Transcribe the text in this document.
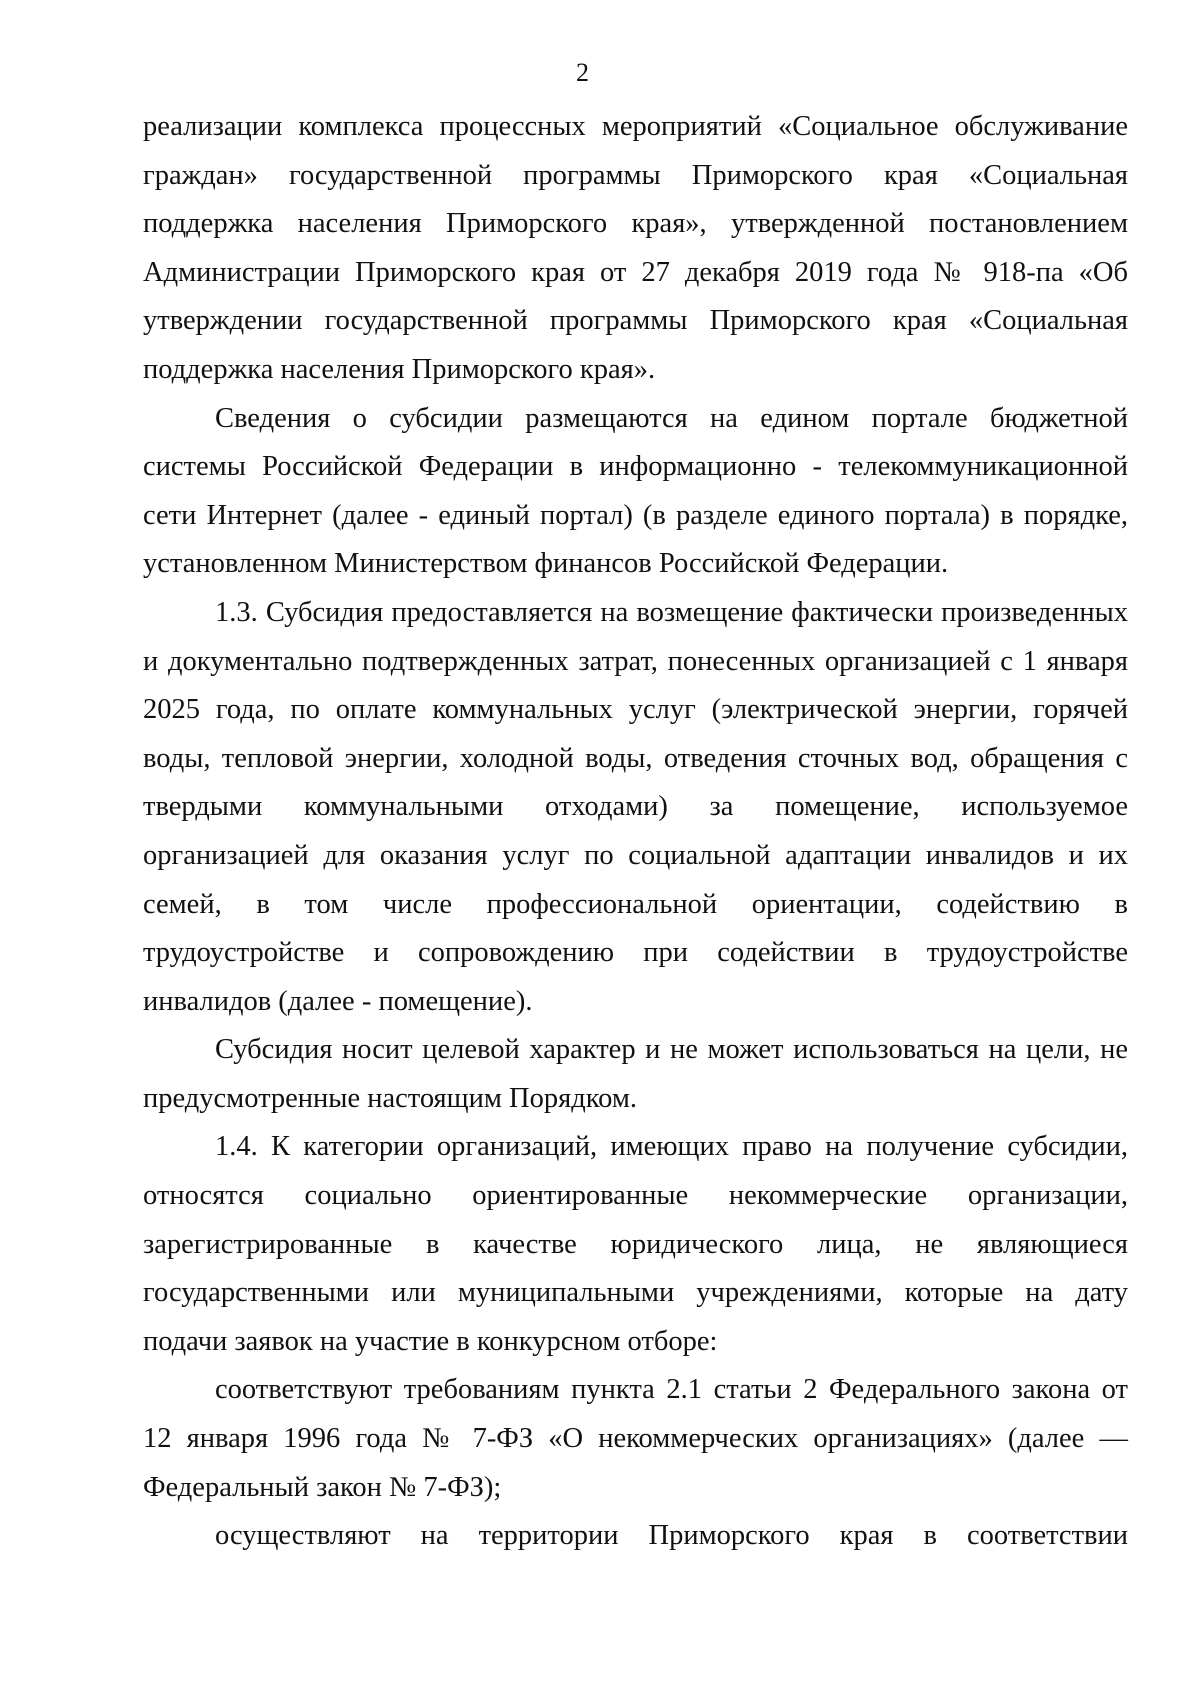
2

реализации комплекса процессных мероприятий «Социальное обслуживание граждан» государственной программы Приморского края «Социальная поддержка населения Приморского края», утвержденной постановлением Администрации Приморского края от 27 декабря 2019 года № 918-па «Об утверждении государственной программы Приморского края «Социальная поддержка населения Приморского края».

Сведения о субсидии размещаются на едином портале бюджетной системы Российской Федерации в информационно - телекоммуникационной сети Интернет (далее - единый портал) (в разделе единого портала) в порядке, установленном Министерством финансов Российской Федерации.

1.3. Субсидия предоставляется на возмещение фактически произведенных и документально подтвержденных затрат, понесенных организацией с 1 января 2025 года, по оплате коммунальных услуг (электрической энергии, горячей воды, тепловой энергии, холодной воды, отведения сточных вод, обращения с твердыми коммунальными отходами) за помещение, используемое организацией для оказания услуг по социальной адаптации инвалидов и их семей, в том числе профессиональной ориентации, содействию в трудоустройстве и сопровождению при содействии в трудоустройстве инвалидов (далее - помещение).

Субсидия носит целевой характер и не может использоваться на цели, не предусмотренные настоящим Порядком.

1.4. К категории организаций, имеющих право на получение субсидии, относятся социально ориентированные некоммерческие организации, зарегистрированные в качестве юридического лица, не являющиеся государственными или муниципальными учреждениями, которые на дату подачи заявок на участие в конкурсном отборе:

соответствуют требованиям пункта 2.1 статьи 2 Федерального закона от 12 января 1996 года № 7-ФЗ «О некоммерческих организациях» (далее — Федеральный закон № 7-ФЗ);

осуществляют на территории Приморского края в соответствии
